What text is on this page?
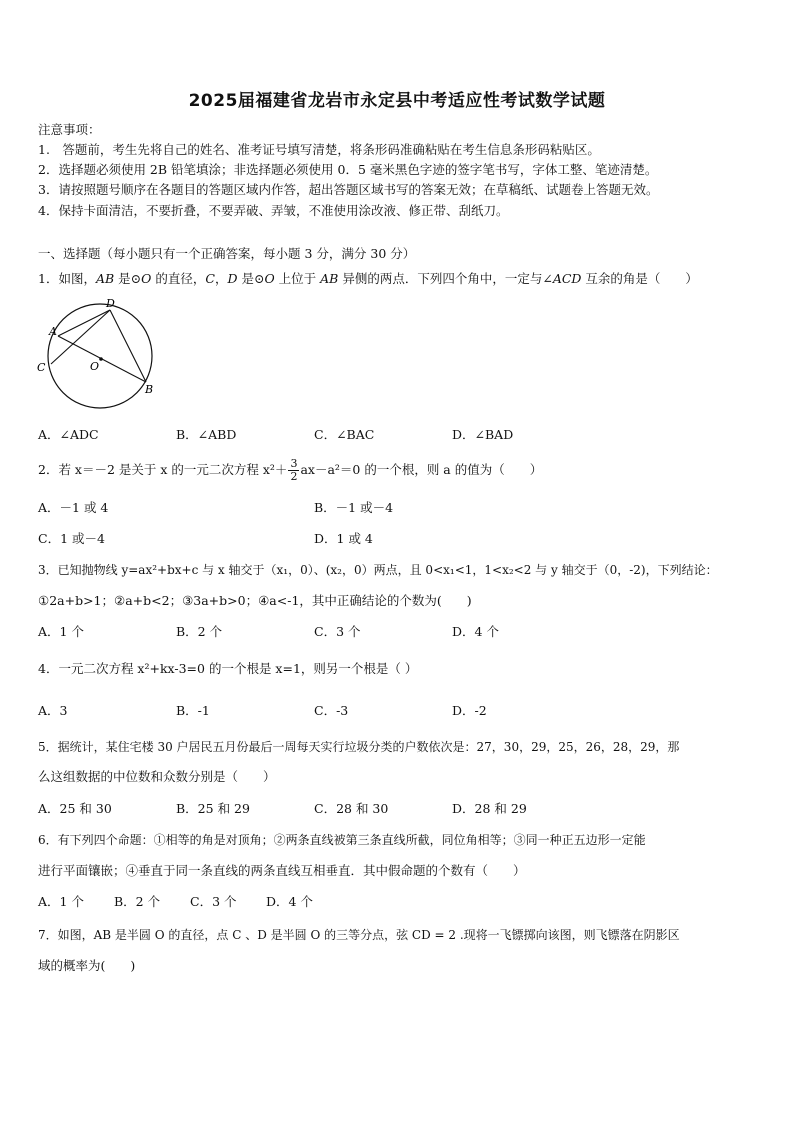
2025届福建省龙岩市永定县中考适应性考试数学试题
注意事项：
1.　答题前，考生先将自己的姓名、准考证号填写清楚，将条形码准确粘贴在考生信息条形码粘贴区。
2．选择题必须使用 2B 铅笔填涂；非选择题必须使用 0．5 毫米黑色字迹的签字笔书写，字体工整、笔迹清楚。
3．请按照题号顺序在各题目的答题区域内作答，超出答题区域书写的答案无效；在草稿纸、试题卷上答题无效。
4．保持卡面清洁，不要折叠，不要弄破、弄皱，不准使用涂改液、修正带、刮纸刀。
一、选择题（每小题只有一个正确答案，每小题 3 分，满分 30 分）
1．如图，AB 是⊙O 的直径，C，D 是⊙O 上位于 AB 异侧的两点．下列四个角中，一定与∠ACD 互余的角是（　　）
A
B
C
D
O
A．∠ADC	B．∠ABD	C．∠BAC	D．∠BAD
2．若 x＝－2 是关于 x 的一元二次方程 $x^2+ \frac{3}{2} ax-a^2=0$ 的一个根，则 a 的值为（　　）
A．－1 或 4	B．－1 或－4
C．1 或－4	D．1 或 4
3．已知抛物线 y=ax²+bx+c 与 x 轴交于（x₁，0）、(x₂，0）两点，且 0<x₁<1，1<x₂<2 与 y 轴交于（0，-2)，下列结论：
①2a+b>1；②a+b<2；③3a+b>0；④a<-1，其中正确结论的个数为(　　)
A．1 个	B．2 个	C．3 个	D．4 个
4．一元二次方程 x²+kx-3=0 的一个根是 x=1，则另一个根是（ ）
A．3	B．-1	C．-3	D．-2
5．据统计，某住宅楼 30 户居民五月份最后一周每天实行垃圾分类的户数依次是：27，30，29，25，26，28，29，那
么这组数据的中位数和众数分别是（　　）
A．25 和 30	B．25 和 29	C．28 和 30	D．28 和 29
6．有下列四个命题：①相等的角是对顶角；②两条直线被第三条直线所截，同位角相等；③同一种正五边形一定能
进行平面镶嵌；④垂直于同一条直线的两条直线互相垂直．其中假命题的个数有（　　）
A．1 个 B．2 个 C．3 个 D．4 个
7．如图，AB 是半圆 O 的直径，点 C 、D 是半圆 O 的三等分点，弦 CD = 2 .现将一飞镖掷向该图，则飞镖落在阴影区
域的概率为(　　)
